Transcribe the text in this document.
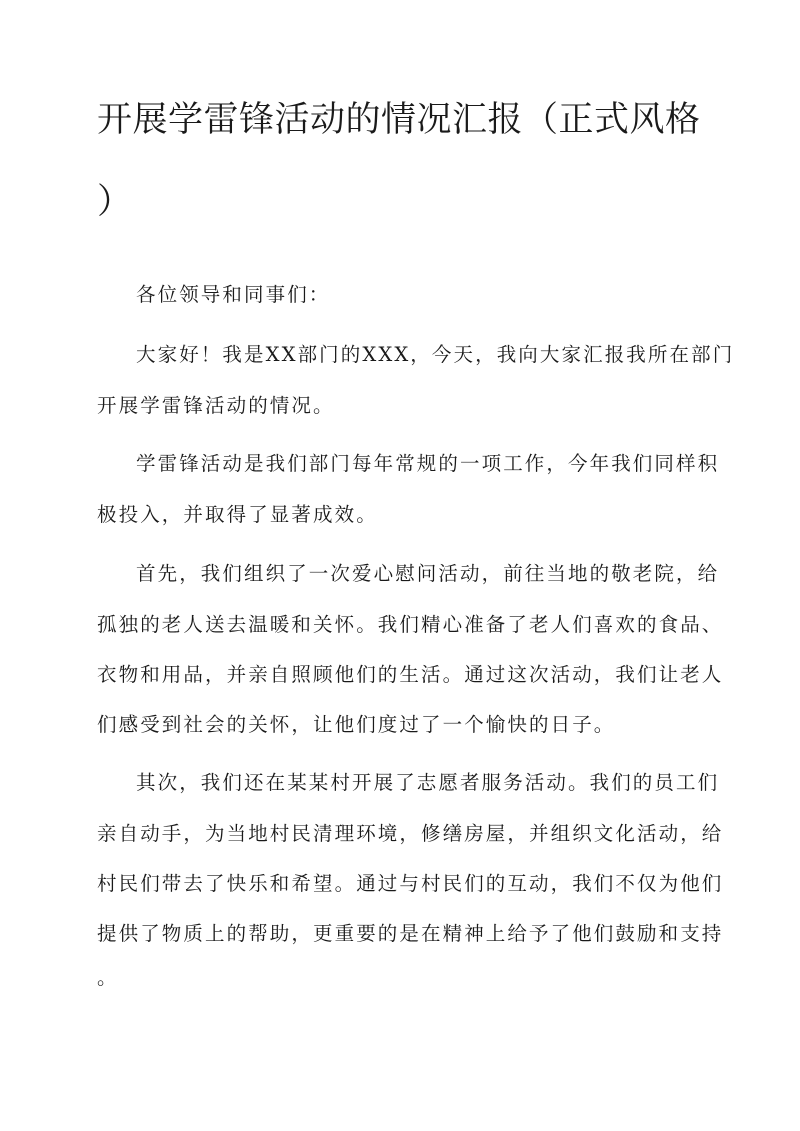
开展学雷锋活动的情况汇报（正式风格
）
各位领导和同事们：
大家好！我是XX部门的XXX，今天，我向大家汇报我所在部门
开展学雷锋活动的情况。
学雷锋活动是我们部门每年常规的一项工作，今年我们同样积
极投入，并取得了显著成效。
首先，我们组织了一次爱心慰问活动，前往当地的敬老院，给
孤独的老人送去温暖和关怀。我们精心准备了老人们喜欢的食品、
衣物和用品，并亲自照顾他们的生活。通过这次活动，我们让老人
们感受到社会的关怀，让他们度过了一个愉快的日子。
其次，我们还在某某村开展了志愿者服务活动。我们的员工们
亲自动手，为当地村民清理环境，修缮房屋，并组织文化活动，给
村民们带去了快乐和希望。通过与村民们的互动，我们不仅为他们
提供了物质上的帮助，更重要的是在精神上给予了他们鼓励和支持
。
